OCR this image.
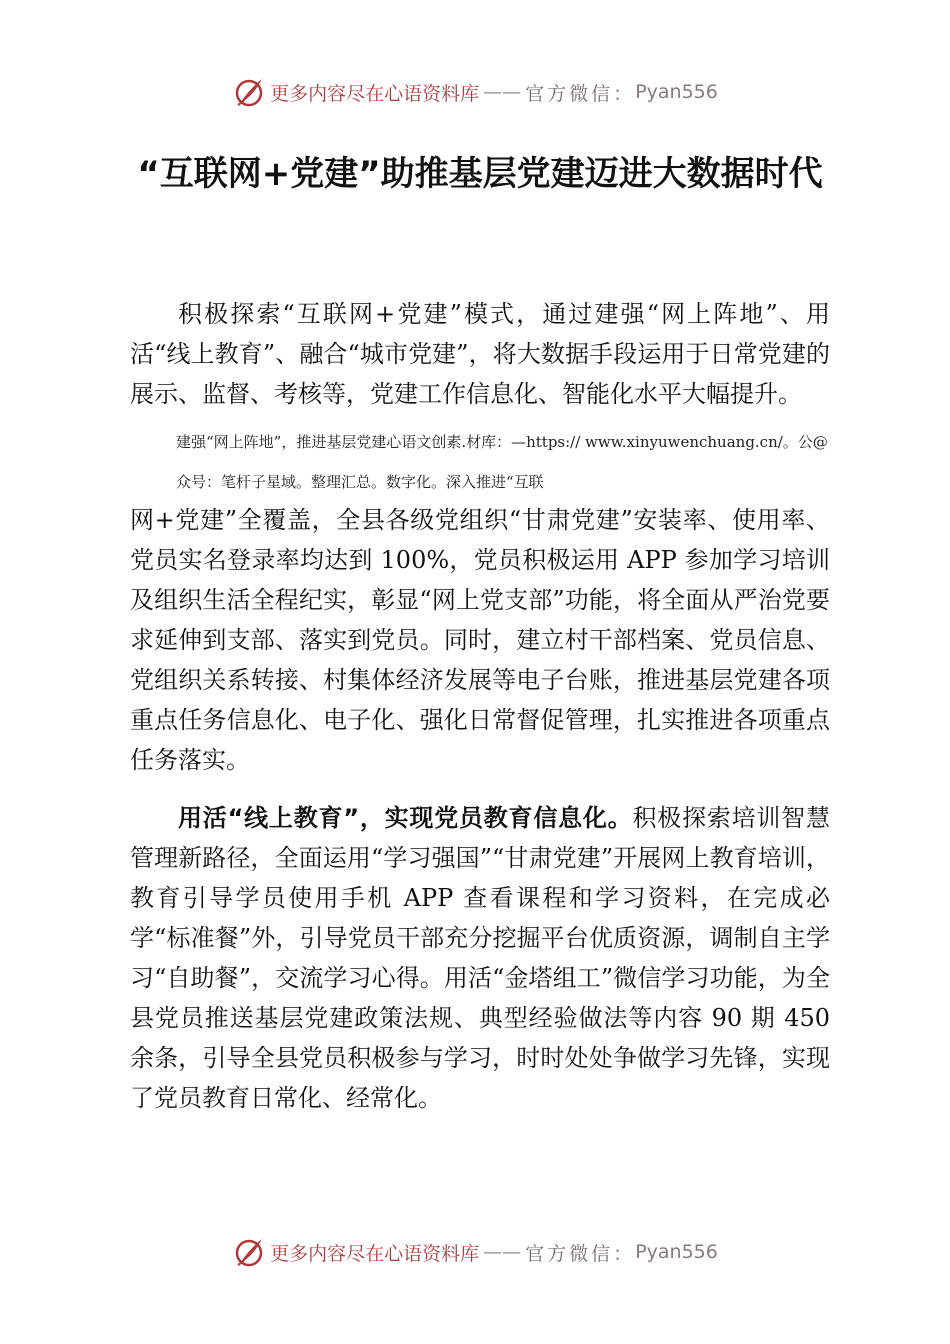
更多内容尽在心语资料库 —— 官方微信： Pyan556
“互联网+党建”助推基层党建迈进大数据时代

积极探索“互联网+党建”模式，通过建强“网上阵地”、用 活“线上教育”、融合“城市党建”，将大数据手段运用于日常党建的展示、监督、考核等，党建工作信息化、智能化水平大幅提升。

建强“网上阵地”，推进基层党建心语文创素.材库：—https:// www.xinyuwenchuang.cn/。公@众号：笔杆子星域。整理汇总。数字化。深入推进“互联

网+党建”全覆盖，全县各级党组织“甘肃党建”安装率、使用率、 党员实名登录率均达到 100%，党员积极运用 APP 参加学习培训及组织生活全程纪实，彰显“网上党支部”功能，将全面从严治党要求延伸到支部、落实到党员。同时，建立村干部档案、党员信息、党组织关系转接、村集体经济发展等电子台账，推进基层党建各项重点任务信息化、电子化、强化日常督促管理，扎实推进各项重点任务落实。

用活“线上教育”，实现党员教育信息化。积极探索培训智慧管理新路径，全面运用“学习强国”“甘肃党建”开展网上教育培训，教育引导学员使用手机 APP 查看课程和学习资料，在完成必学“标准餐”外，引导党员干部充分挖掘平台优质资源，调制自主学习“自助餐”，交流学习心得。用活“金塔组工”微信学习功能，为全县党员推送基层党建政策法规、典型经验做法等内容 90 期 450 余条，引导全县党员积极参与学习，时时处处争做学习先锋，实现了党员教育日常化、经常化。

更多内容尽在心语资料库 —— 官方微信： Pyan556
